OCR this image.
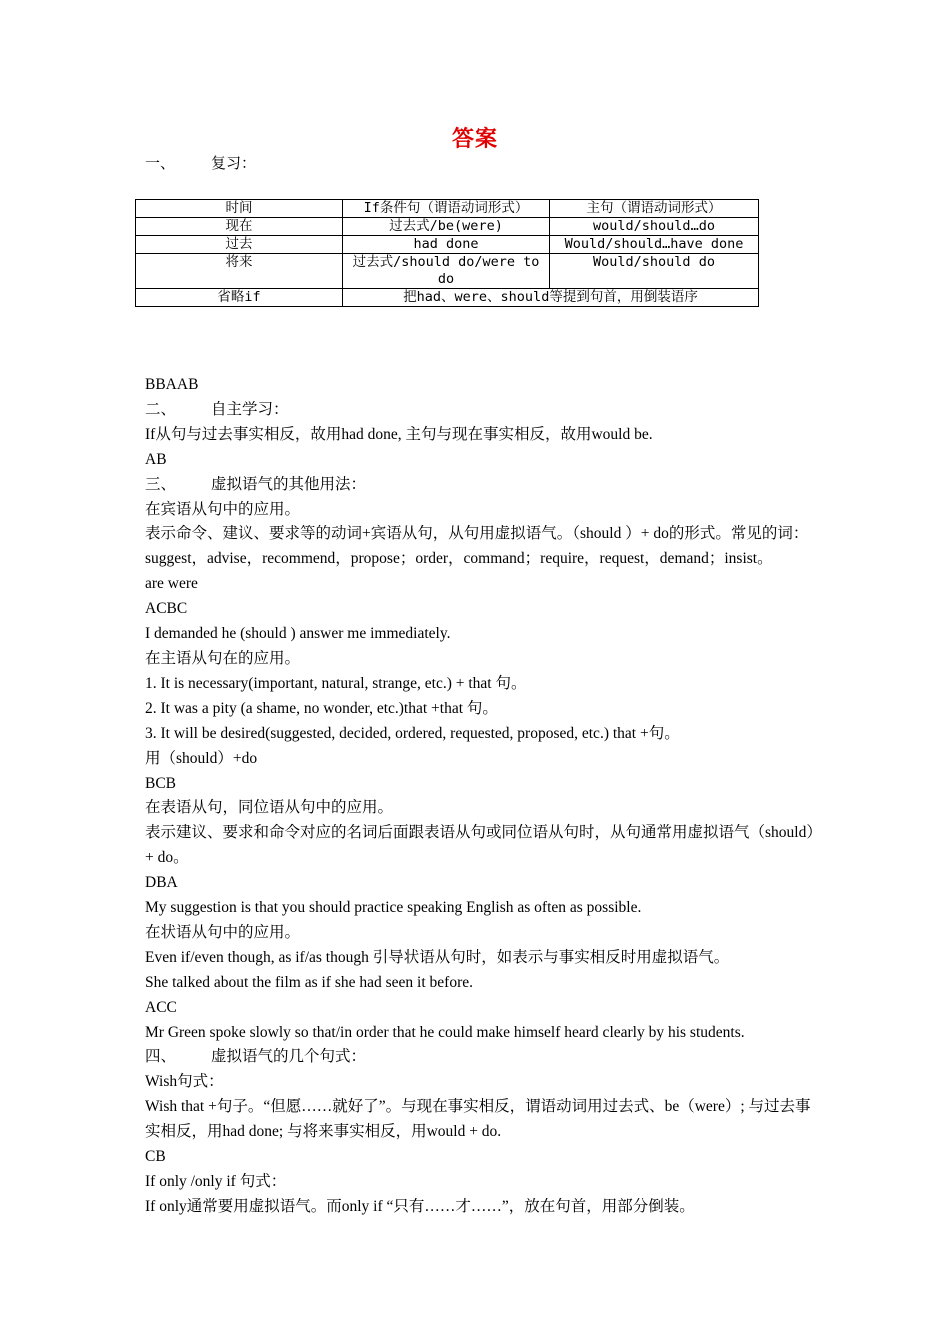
答案
一、 复习：
时间	If条件句（谓语动词形式）	主句（谓语动词形式）
现在	过去式/be(were)	would/should…do
过去	had done	Would/should…have done
将来	过去式/should do/were to do	Would/should do
省略if	把had、were、should等提到句首，用倒装语序	

BBAAB

二、 自主学习：

If从句与过去事实相反，故用had done, 主句与现在事实相反，故用would be.

AB

三、 虚拟语气的其他用法：

在宾语从句中的应用。

表示命令、建议、要求等的动词+宾语从句，从句用虚拟语气。（should ）+ do的形式。常见的词：suggest，advise，recommend，propose；order，command；require，request，demand；insist。

are were

ACBC

I demanded he (should ) answer me immediately.

在主语从句在的应用。

1. It is necessary(important, natural, strange, etc.) + that 句。

2. It was a pity (a shame, no wonder, etc.)that +that 句。

3. It will be desired(suggested, decided, ordered, requested, proposed, etc.) that +句。

用（should）+do

BCB

在表语从句，同位语从句中的应用。

表示建议、要求和命令对应的名词后面跟表语从句或同位语从句时，从句通常用虚拟语气（should）+ do。

DBA

My suggestion is that you should practice speaking English as often as possible.

在状语从句中的应用。

Even if/even though, as if/as though 引导状语从句时，如表示与事实相反时用虚拟语气。

She talked about the film as if she had seen it before.

ACC

Mr Green spoke slowly so that/in order that he could make himself heard clearly by his students.

四、 虚拟语气的几个句式：

Wish句式：

Wish that +句子。“但愿……就好了”。与现在事实相反，谓语动词用过去式、be（were）; 与过去事实相反，用had done; 与将来事实相反，用would + do.

CB

If only /only if 句式：

If only通常要用虚拟语气。而only if “只有……才……”，放在句首，用部分倒装。
